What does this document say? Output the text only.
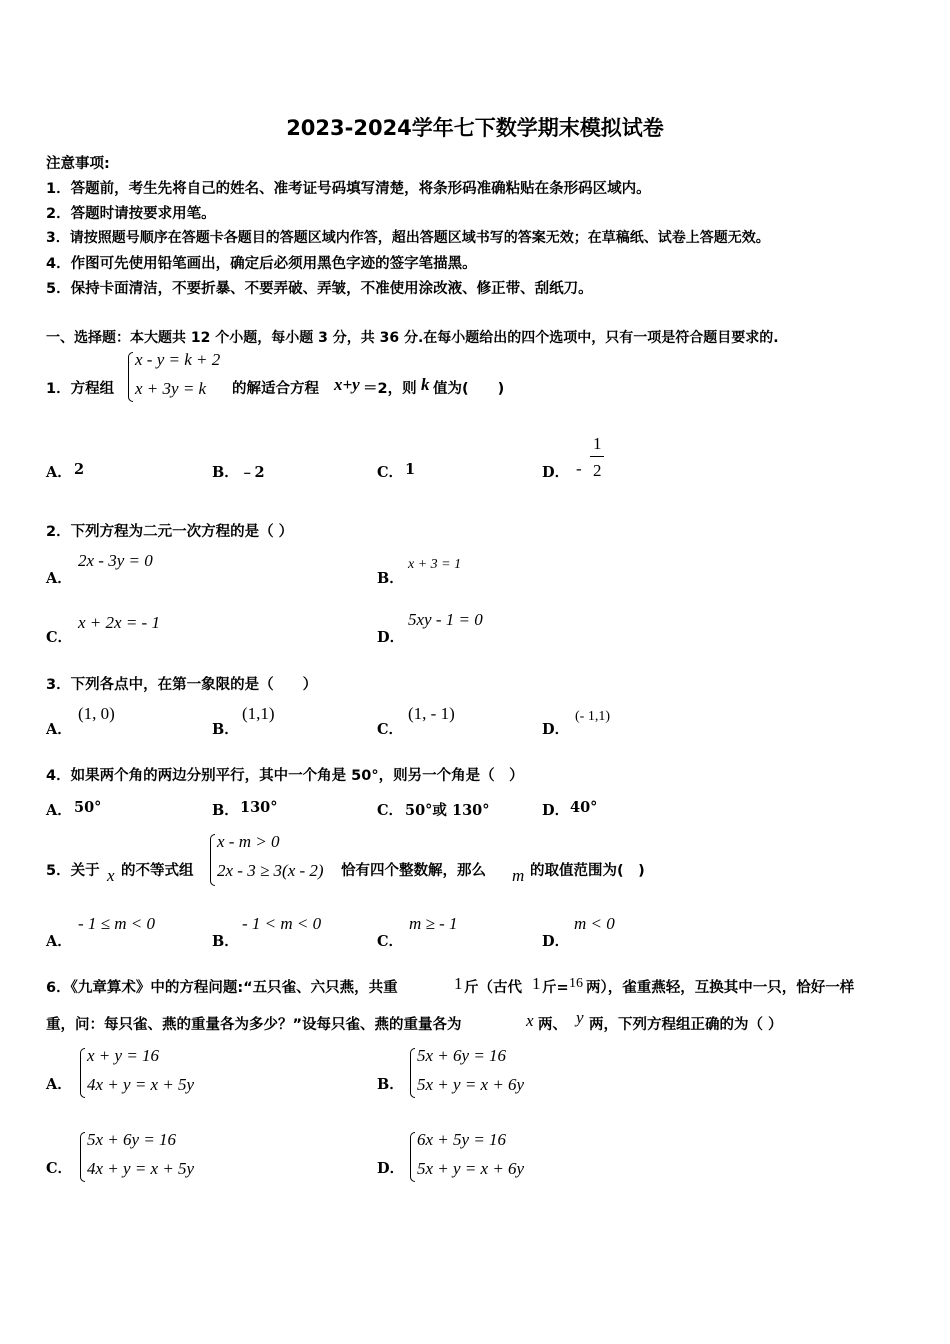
2023-2024学年七下数学期末模拟试卷
注意事项:
1．答题前，考生先将自己的姓名、准考证号码填写清楚，将条形码准确粘贴在条形码区域内。
2．答题时请按要求用笔。
3．请按照题号顺序在答题卡各题目的答题区域内作答，超出答题区域书写的答案无效；在草稿纸、试卷上答题无效。
4．作图可先使用铅笔画出，确定后必须用黑色字迹的签字笔描黑。
5．保持卡面清洁，不要折暴、不要弄破、弄皱，不准使用涂改液、修正带、刮纸刀。
一、选择题：本大题共 12 个小题，每小题 3 分，共 36 分.在每小题给出的四个选项中，只有一项是符合题目要求的.
1．方程组
x - y = k + 2
x + 3y = k 的解适合方程 x+y ＝2，则 k 值为(　　)
A． 2	B． ﹣2	C． 1	D． -
1
2
2．下列方程为二元一次方程的是（ ）
A．
2x - 3y = 0
B．
x + 3 = 1
C．
x + 2x = - 1
D．
5xy - 1 = 0
3．下列各点中，在第一象限的是（　　）
A．
(1, 0)
B．
(1,1)
C．
(1, - 1)
D．
(- 1,1)
4．如果两个角的两边分别平行，其中一个角是 50°，则另一个角是（　）
A． 50°	B． 130°	C． 50°或 130°	D． 40°
5．关于 x 的不等式组
x - m > 0
2x - 3 ≥ 3(x - 2) 恰有四个整数解，那么 m 的取值范围为(　)
A．
- 1 ≤ m < 0
B．
- 1 < m < 0
C．
m ≥ - 1
D．
m < 0
6．《九章算术》中的方程问题:“五只雀、六只燕，共重	1 斤（古代 1 斤= 16 两），雀重燕轻，互换其中一只，恰好一样
重，问：每只雀、燕的重量各为多少？”设每只雀、燕的重量各为	x 两、 y 两，下列方程组正确的为（ ）
A．
x + y = 16
4x + y = x + 5y	B．
5x + 6y = 16
5x + y = x + 6y
C．
5x + 6y = 16
4x + y = x + 5y	D．
6x + 5y = 16
5x + y = x + 6y
